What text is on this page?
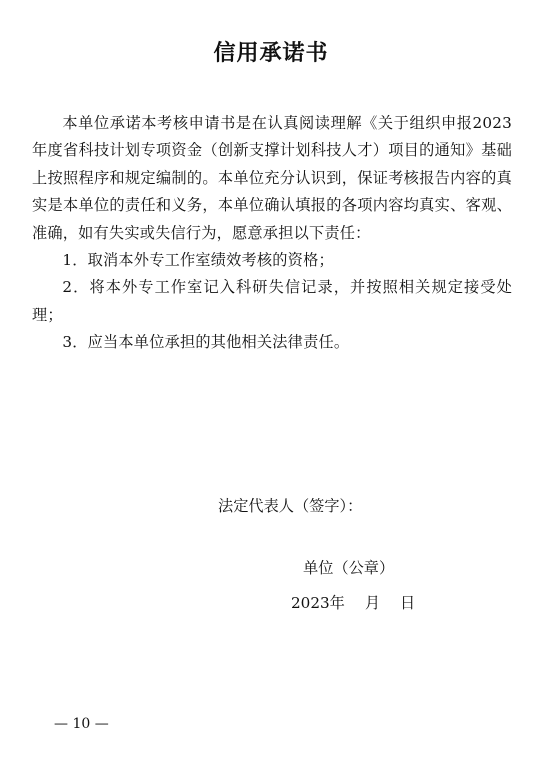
信用承诺书

本单位承诺本考核申请书是在认真阅读理解《关于组织申报2023年度省科技计划专项资金（创新支撑计划科技人才）项目的通知》基础上按照程序和规定编制的。本单位充分认识到，保证考核报告内容的真实是本单位的责任和义务，本单位确认填报的各项内容均真实、客观、准确，如有失实或失信行为，愿意承担以下责任：

1．取消本外专工作室绩效考核的资格；

2．将本外专工作室记入科研失信记录，并按照相关规定接受处理；

3．应当本单位承担的其他相关法律责任。

法定代表人（签字）：
单位（公章）
2023年　 月　 日
— 10 —
